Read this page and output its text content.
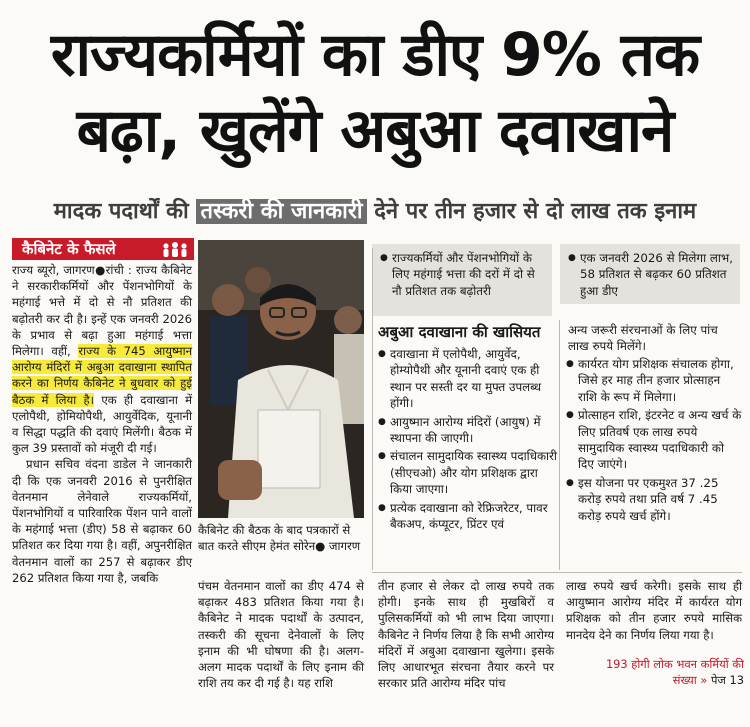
राज्यकर्मियों का डीए 9% तक
बढ़ा, खुलेंगे अबुआ दवाखाने
मादक पदार्थों की तस्करी की जानकारी देने पर तीन हजार से दो लाख तक इनाम
कैबिनेट के फैसले

राज्य ब्यूरो, जागरण●रांची : राज्य कैबिनेट ने सरकारीकर्मियों और पेंशनभोगियों के महंगाई भत्ते में दो से नौ प्रतिशत की बढ़ोतरी कर दी है। इन्हें एक जनवरी 2026 के प्रभाव से बढ़ा हुआ महंगाई भत्ता मिलेगा। वहीं, राज्य के 745 आयुष्मान आरोग्य मंदिरों में अबुआ दवाखाना स्थापित करने का निर्णय कैबिनेट ने बुधवार को हुई बैठक में लिया है। एक ही दवाखाना में एलोपैथी, होमियोपैथी, आयुर्वेदिक, यूनानी व सिद्धा पद्धति की दवाएं मिलेंगी। बैठक में कुल 39 प्रस्तावों को मंजूरी दी गई।

प्रधान सचिव वंदना डाडेल ने जानकारी दी कि एक जनवरी 2016 से पुनरीक्षित वेतनमान लेनेवाले राज्यकर्मियों, पेंशनभोगियों व पारिवारिक पेंशन पाने वालों के महंगाई भत्ता (डीए) 58 से बढ़ाकर 60 प्रतिशत कर दिया गया है। वहीं, अपुनरीक्षित वेतनमान वालों का 257 से बढ़ाकर डीए 262 प्रतिशत किया गया है, जबकि

कैबिनेट की बैठक के बाद पत्रकारों से बात करते सीएम हेमंत सोरेन● जागरण

● राज्यकर्मियों और पेंशनभोगियों के लिए महंगाई भत्ता की दरों में दो से नौ प्रतिशत तक बढ़ोतरी

● एक जनवरी 2026 से मिलेगा लाभ, 58 प्रतिशत से बढ़कर 60 प्रतिशत हुआ डीए

अबुआ दवाखाना की खासियत

● दवाखाना में एलोपैथी, आयुर्वेद, होम्योपैथी और यूनानी दवाएं एक ही स्थान पर सस्ती दर या मुफ्त उपलब्ध होंगी।

● आयुष्मान आरोग्य मंदिरों (आयुष) में स्थापना की जाएगी।

● संचालन सामुदायिक स्वास्थ्य पदाधिकारी (सीएचओ) और योग प्रशिक्षक द्वारा किया जाएगा।

● प्रत्येक दवाखाना को रेफ्रिजरेटर, पावर बैकअप, कंप्यूटर, प्रिंटर एवं

अन्य जरूरी संरचनाओं के लिए पांच लाख रुपये मिलेंगे।

● कार्यरत योग प्रशिक्षक संचालक होगा, जिसे हर माह तीन हजार प्रोत्साहन राशि के रूप में मिलेगा।

● प्रोत्साहन राशि, इंटरनेट व अन्य खर्च के लिए प्रतिवर्ष एक लाख रुपये सामुदायिक स्वास्थ्य पदाधिकारी को दिए जाएंगे।

● इस योजना पर एकमुश्त 37 .25 करोड़ रुपये तथा प्रति वर्ष 7 .45 करोड़ रुपये खर्च होंगे।

पंचम वेतनमान वालों का डीए 474 से बढ़ाकर 483 प्रतिशत किया गया है। कैबिनेट ने मादक पदार्थों के उत्पादन, तस्करी की सूचना देनेवालों के लिए इनाम की भी घोषणा की है। अलग-अलग मादक पदार्थों के लिए इनाम की राशि तय कर दी गई है। यह राशि
तीन हजार से लेकर दो लाख रुपये तक होगी। इनके साथ ही मुखबिरों व पुलिसकर्मियों को भी लाभ दिया जाएगा। कैबिनेट ने निर्णय लिया है कि सभी आरोग्य मंदिरों में अबुआ दवाखाना खुलेगा। इसके लिए आधारभूत संरचना तैयार करने पर सरकार प्रति आरोग्य मंदिर पांच
लाख रुपये खर्च करेगी। इसके साथ ही आयुष्मान आरोग्य मंदिर में कार्यरत योग प्रशिक्षक को तीन हजार रुपये मासिक मानदेय देने का निर्णय लिया गया है।
193 होगी लोक भवन कर्मियों की संख्या » पेज 13
